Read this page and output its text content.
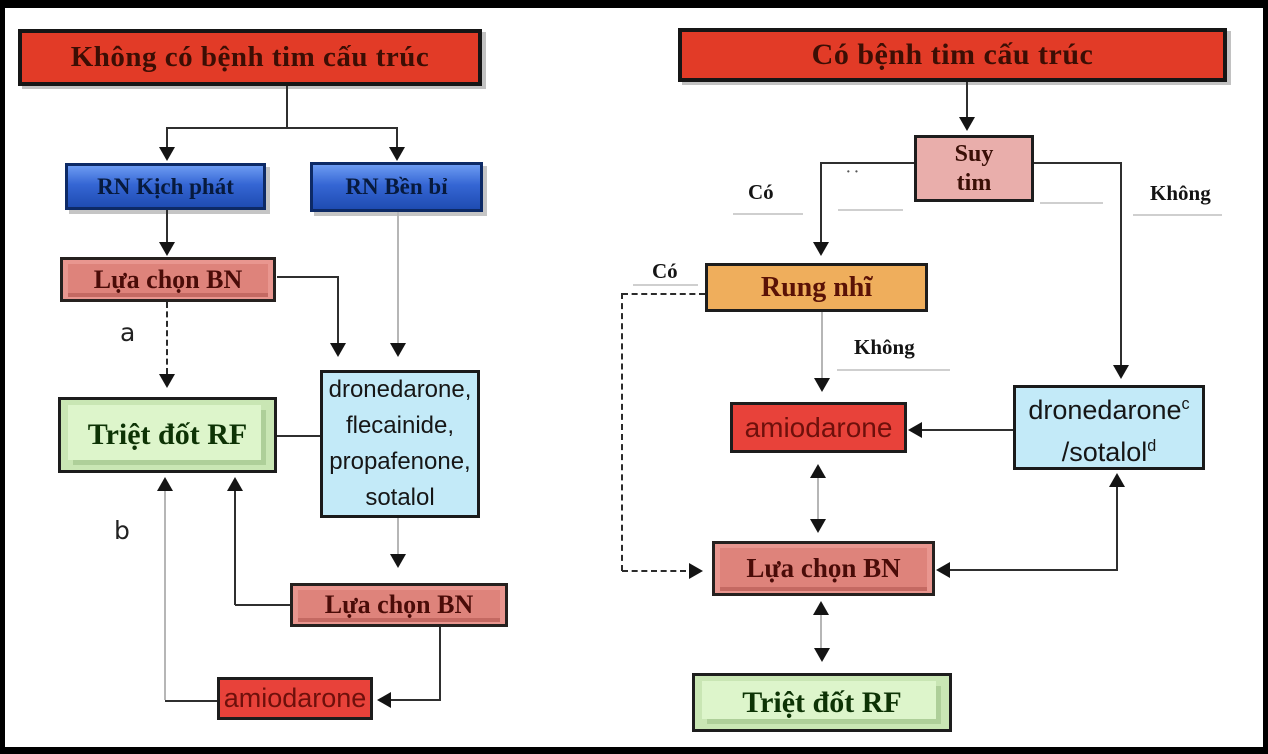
Không có bệnh tim cấu trúc
RN Kịch phát	RN Bền bỉ
Lựa chọn BN
a
Triệt đốt RF
dronedarone,
flecainide,
propafenone,
sotalol
Lựa chọn BN
amiodarone
b
Có bệnh tim cấu trúc
Suy tim
Có
· ·
Không
Rung nhĩ
Có
Không
amiodarone
dronedarone$^c$
/sotalol$^d$
Lựa chọn BN
Triệt đốt RF
